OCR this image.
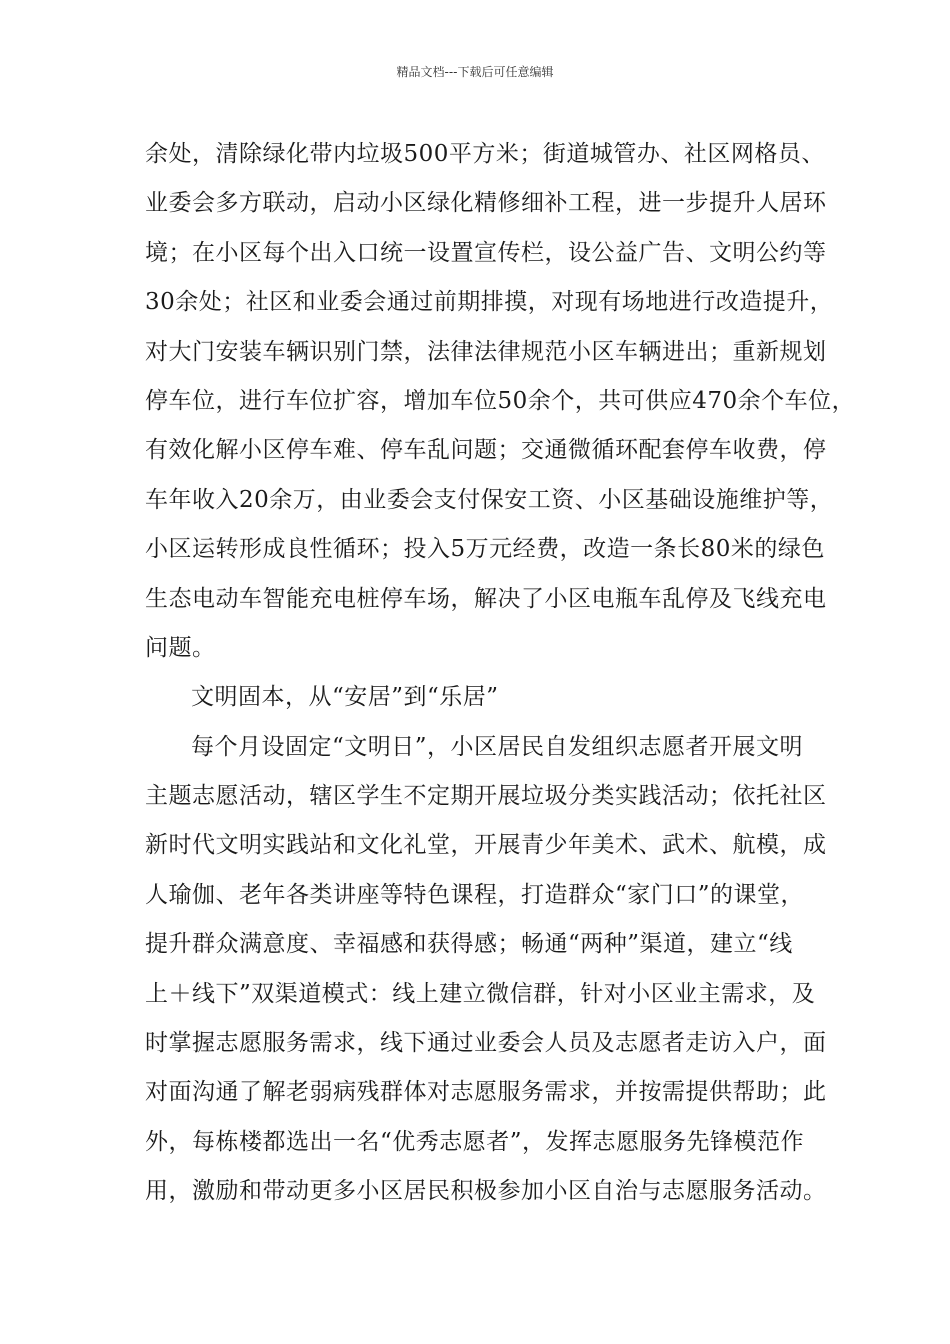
精品文档---下载后可任意编辑
余处，清除绿化带内垃圾500平方米；街道城管办、社区网格员、
业委会多方联动，启动小区绿化精修细补工程，进一步提升人居环
境；在小区每个出入口统一设置宣传栏，设公益广告、文明公约等
30余处；社区和业委会通过前期排摸，对现有场地进行改造提升，
对大门安装车辆识别门禁，法律法律规范小区车辆进出；重新规划
停车位，进行车位扩容，增加车位50余个，共可供应470余个车位，
有效化解小区停车难、停车乱问题；交通微循环配套停车收费，停
车年收入20余万，由业委会支付保安工资、小区基础设施维护等，
小区运转形成良性循环；投入5万元经费，改造一条长80米的绿色
生态电动车智能充电桩停车场，解决了小区电瓶车乱停及飞线充电
问题。
文明固本，从“安居”到“乐居”
每个月设固定“文明日”，小区居民自发组织志愿者开展文明
主题志愿活动，辖区学生不定期开展垃圾分类实践活动；依托社区
新时代文明实践站和文化礼堂，开展青少年美术、武术、航模，成
人瑜伽、老年各类讲座等特色课程，打造群众“家门口”的课堂，
提升群众满意度、幸福感和获得感；畅通“两种”渠道，建立“线
上＋线下”双渠道模式：线上建立微信群，针对小区业主需求，及
时掌握志愿服务需求，线下通过业委会人员及志愿者走访入户，面
对面沟通了解老弱病残群体对志愿服务需求，并按需提供帮助；此
外，每栋楼都选出一名“优秀志愿者”，发挥志愿服务先锋模范作
用，激励和带动更多小区居民积极参加小区自治与志愿服务活动。
